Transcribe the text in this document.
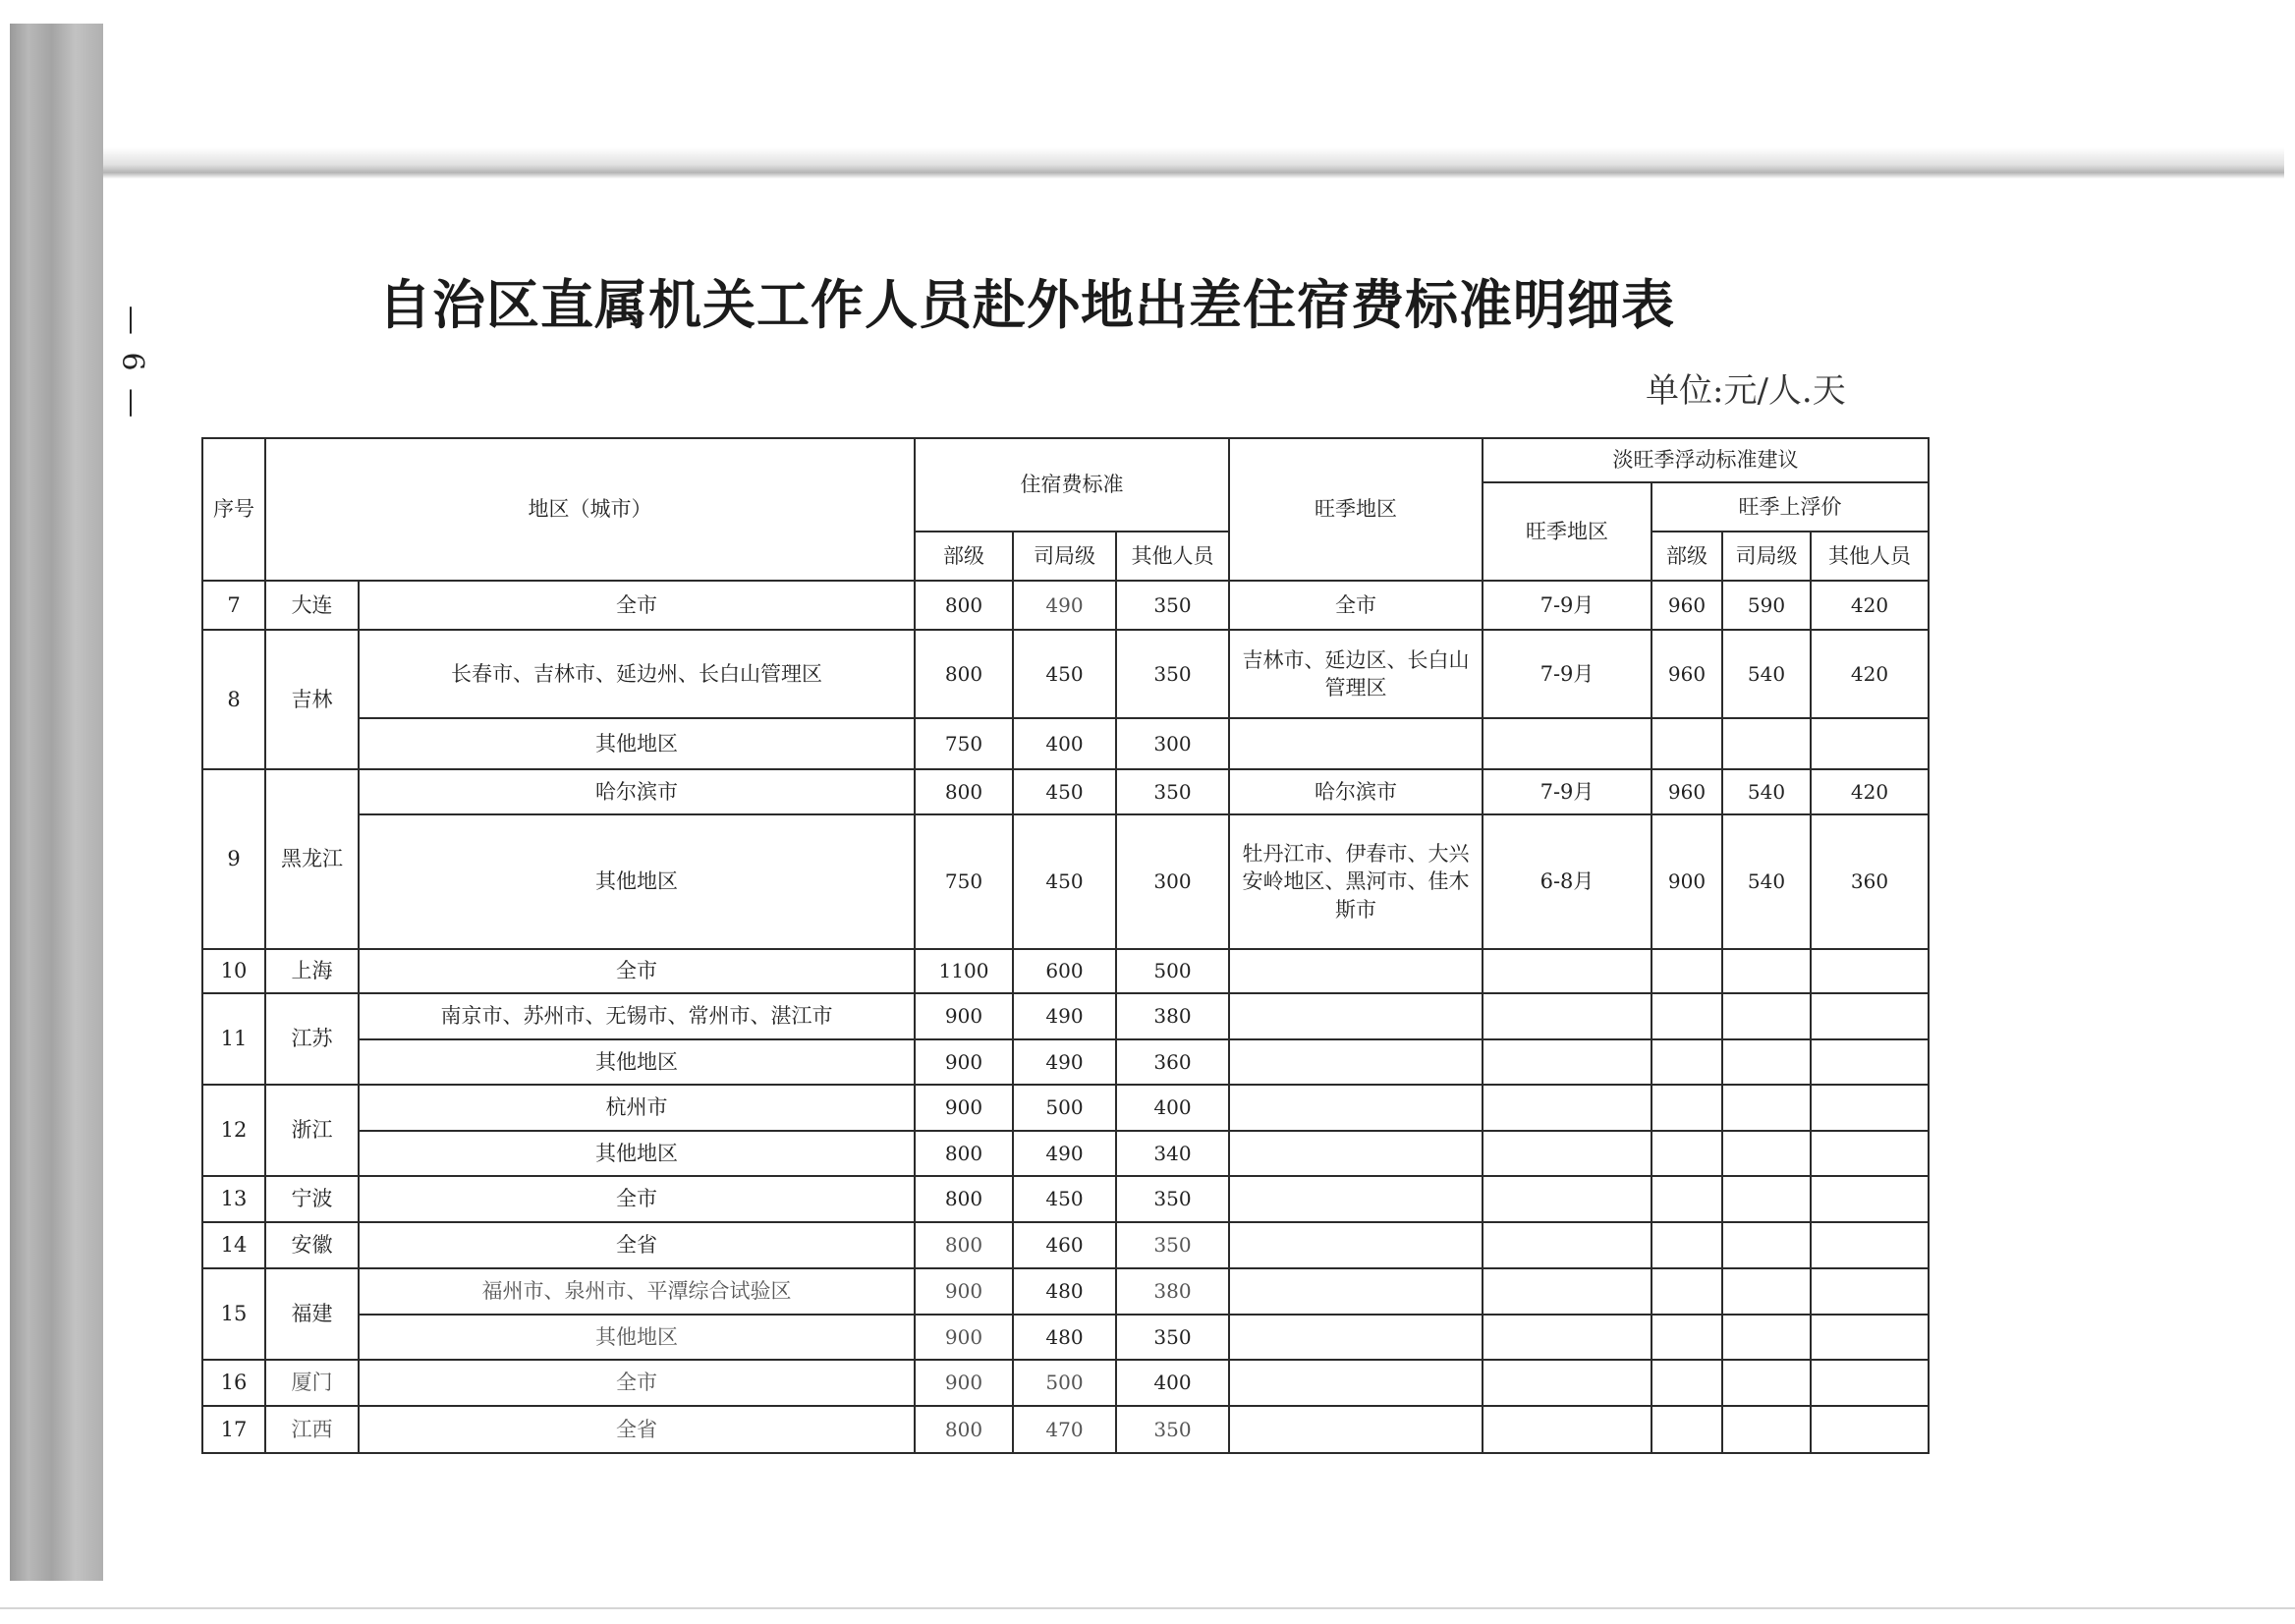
— 6 —
自治区直属机关工作人员赴外地出差住宿费标准明细表
单位:元/人.天
序号	地区（城市）		住宿费标准			旺季地区	淡旺季浮动标准建议			
							旺季地区	旺季上浮价		
			部级	司局级	其他人员			部级	司局级	其他人员
7	大连	全市	800	490	350	全市	7-9月	960	590	420
8	吉林	长春市、吉林市、延边州、长白山管理区	800	450	350	吉林市、延边区、长白山管理区	7-9月	960	540	420
		其他地区	750	400	300					
9	黑龙江	哈尔滨市	800	450	350	哈尔滨市	7-9月	960	540	420
		其他地区	750	450	300	牡丹江市、伊春市、大兴安岭地区、黑河市、佳木斯市	6-8月	900	540	360
10	上海	全市	1100	600	500					
11	江苏	南京市、苏州市、无锡市、常州市、湛江市	900	490	380					
		其他地区	900	490	360					
12	浙江	杭州市	900	500	400					
		其他地区	800	490	340					
13	宁波	全市	800	450	350					
14	安徽	全省	800	460	350					
15	福建	福州市、泉州市、平潭综合试验区	900	480	380					
		其他地区	900	480	350					
16	厦门	全市	900	500	400					
17	江西	全省	800	470	350					
